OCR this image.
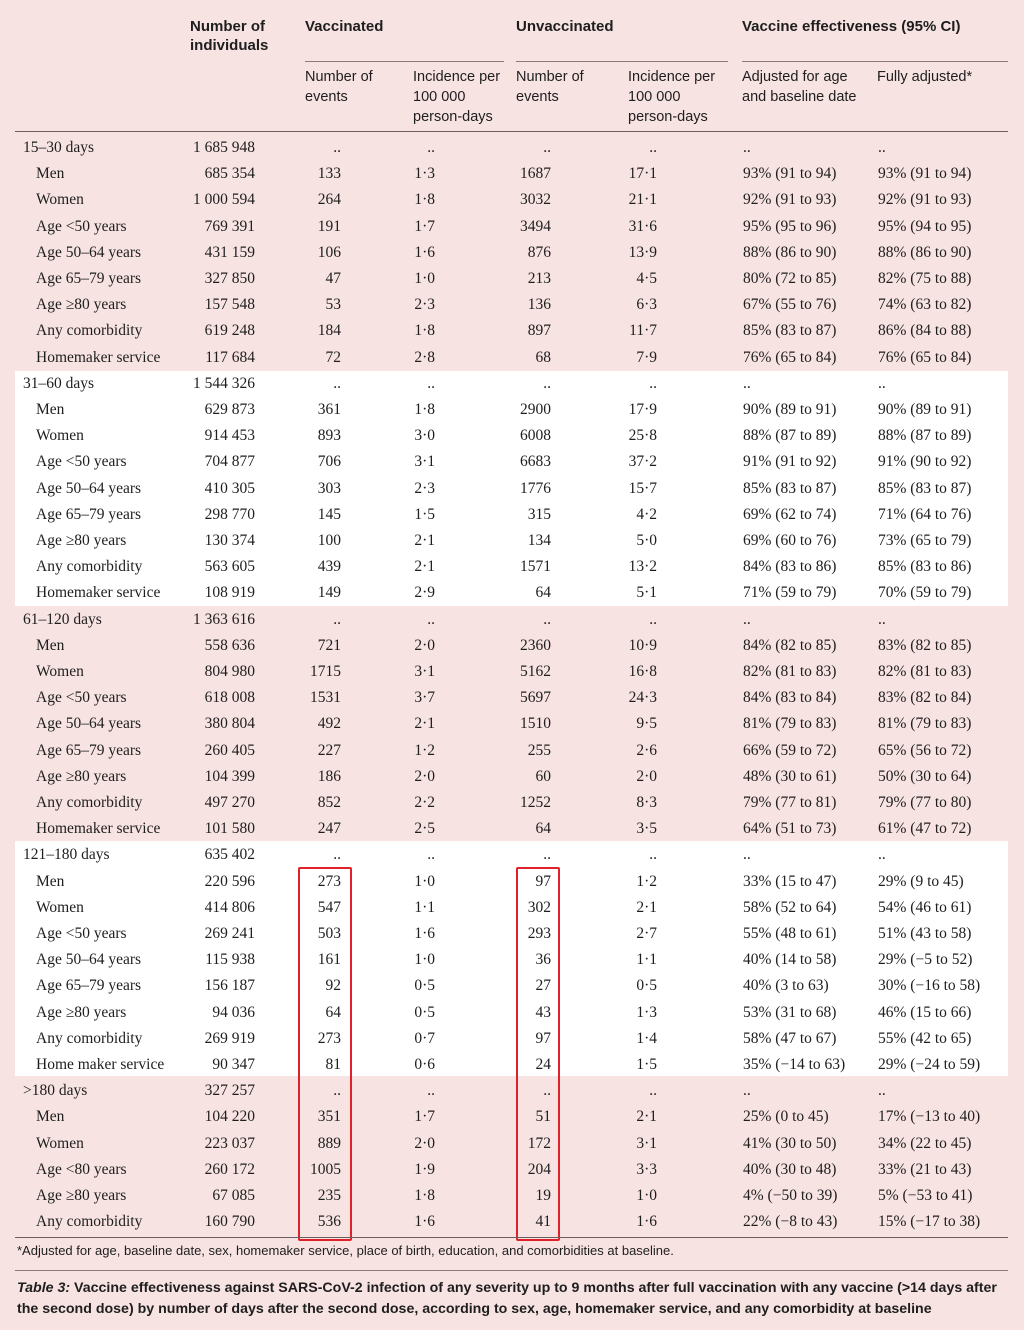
Number of individuals
Vaccinated	Unvaccinated	Vaccine effectiveness (95% CI)
Number of events
Incidence per 100 000 person-days
Number of events
Incidence per 100 000 person-days
Adjusted for age and baseline date
Fully adjusted*
15–30 days	1 685 948	..	..	..	..	..	..
Men	685 354	133	1·3	1687	17·1	93% (91 to 94)	93% (91 to 94)
Women	1 000 594	264	1·8	3032	21·1	92% (91 to 93)	92% (91 to 93)
Age <50 years	769 391	191	1·7	3494	31·6	95% (95 to 96)	95% (94 to 95)
Age 50–64 years	431 159	106	1·6	876	13·9	88% (86 to 90)	88% (86 to 90)
Age 65–79 years	327 850	47	1·0	213	4·5	80% (72 to 85)	82% (75 to 88)
Age ≥80 years	157 548	53	2·3	136	6·3	67% (55 to 76)	74% (63 to 82)
Any comorbidity	619 248	184	1·8	897	11·7	85% (83 to 87)	86% (84 to 88)
Homemaker service	117 684	72	2·8	68	7·9	76% (65 to 84)	76% (65 to 84)
31–60 days	1 544 326	..	..	..	..	..	..
Men	629 873	361	1·8	2900	17·9	90% (89 to 91)	90% (89 to 91)
Women	914 453	893	3·0	6008	25·8	88% (87 to 89)	88% (87 to 89)
Age <50 years	704 877	706	3·1	6683	37·2	91% (91 to 92)	91% (90 to 92)
Age 50–64 years	410 305	303	2·3	1776	15·7	85% (83 to 87)	85% (83 to 87)
Age 65–79 years	298 770	145	1·5	315	4·2	69% (62 to 74)	71% (64 to 76)
Age ≥80 years	130 374	100	2·1	134	5·0	69% (60 to 76)	73% (65 to 79)
Any comorbidity	563 605	439	2·1	1571	13·2	84% (83 to 86)	85% (83 to 86)
Homemaker service	108 919	149	2·9	64	5·1	71% (59 to 79)	70% (59 to 79)
61–120 days	1 363 616	..	..	..	..	..	..
Men	558 636	721	2·0	2360	10·9	84% (82 to 85)	83% (82 to 85)
Women	804 980	1715	3·1	5162	16·8	82% (81 to 83)	82% (81 to 83)
Age <50 years	618 008	1531	3·7	5697	24·3	84% (83 to 84)	83% (82 to 84)
Age 50–64 years	380 804	492	2·1	1510	9·5	81% (79 to 83)	81% (79 to 83)
Age 65–79 years	260 405	227	1·2	255	2·6	66% (59 to 72)	65% (56 to 72)
Age ≥80 years	104 399	186	2·0	60	2·0	48% (30 to 61)	50% (30 to 64)
Any comorbidity	497 270	852	2·2	1252	8·3	79% (77 to 81)	79% (77 to 80)
Homemaker service	101 580	247	2·5	64	3·5	64% (51 to 73)	61% (47 to 72)
121–180 days	635 402	..	..	..	..	..	..
Men	220 596	273	1·0	97	1·2	33% (15 to 47)	29% (9 to 45)
Women	414 806	547	1·1	302	2·1	58% (52 to 64)	54% (46 to 61)
Age <50 years	269 241	503	1·6	293	2·7	55% (48 to 61)	51% (43 to 58)
Age 50–64 years	115 938	161	1·0	36	1·1	40% (14 to 58)	29% (−5 to 52)
Age 65–79 years	156 187	92	0·5	27	0·5	40% (3 to 63)	30% (−16 to 58)
Age ≥80 years	94 036	64	0·5	43	1·3	53% (31 to 68)	46% (15 to 66)
Any comorbidity	269 919	273	0·7	97	1·4	58% (47 to 67)	55% (42 to 65)
Home maker service	90 347	81	0·6	24	1·5	35% (−14 to 63) 29% (−24 to 59)
>180 days	327 257	..	..	..	..	..	..
Men	104 220	351	1·7	51	2·1	25% (0 to 45)	17% (−13 to 40)
Women	223 037	889	2·0	172	3·1	41% (30 to 50)	34% (22 to 45)
Age <80 years	260 172	1005	1·9	204	3·3	40% (30 to 48)	33% (21 to 43)
Age ≥80 years	67 085	235	1·8	19	1·0	4% (−50 to 39)	5% (−53 to 41)
Any comorbidity	160 790	536	1·6	41	1·6	22% (−8 to 43)	15% (−17 to 38)
*Adjusted for age, baseline date, sex, homemaker service, place of birth, education, and comorbidities at baseline.
Table 3: Vaccine effectiveness against SARS-CoV-2 infection of any severity up to 9 months after full vaccination with any vaccine (>14 days after the second dose) by number of days after the second dose, according to sex, age, homemaker service, and any comorbidity at baseline
